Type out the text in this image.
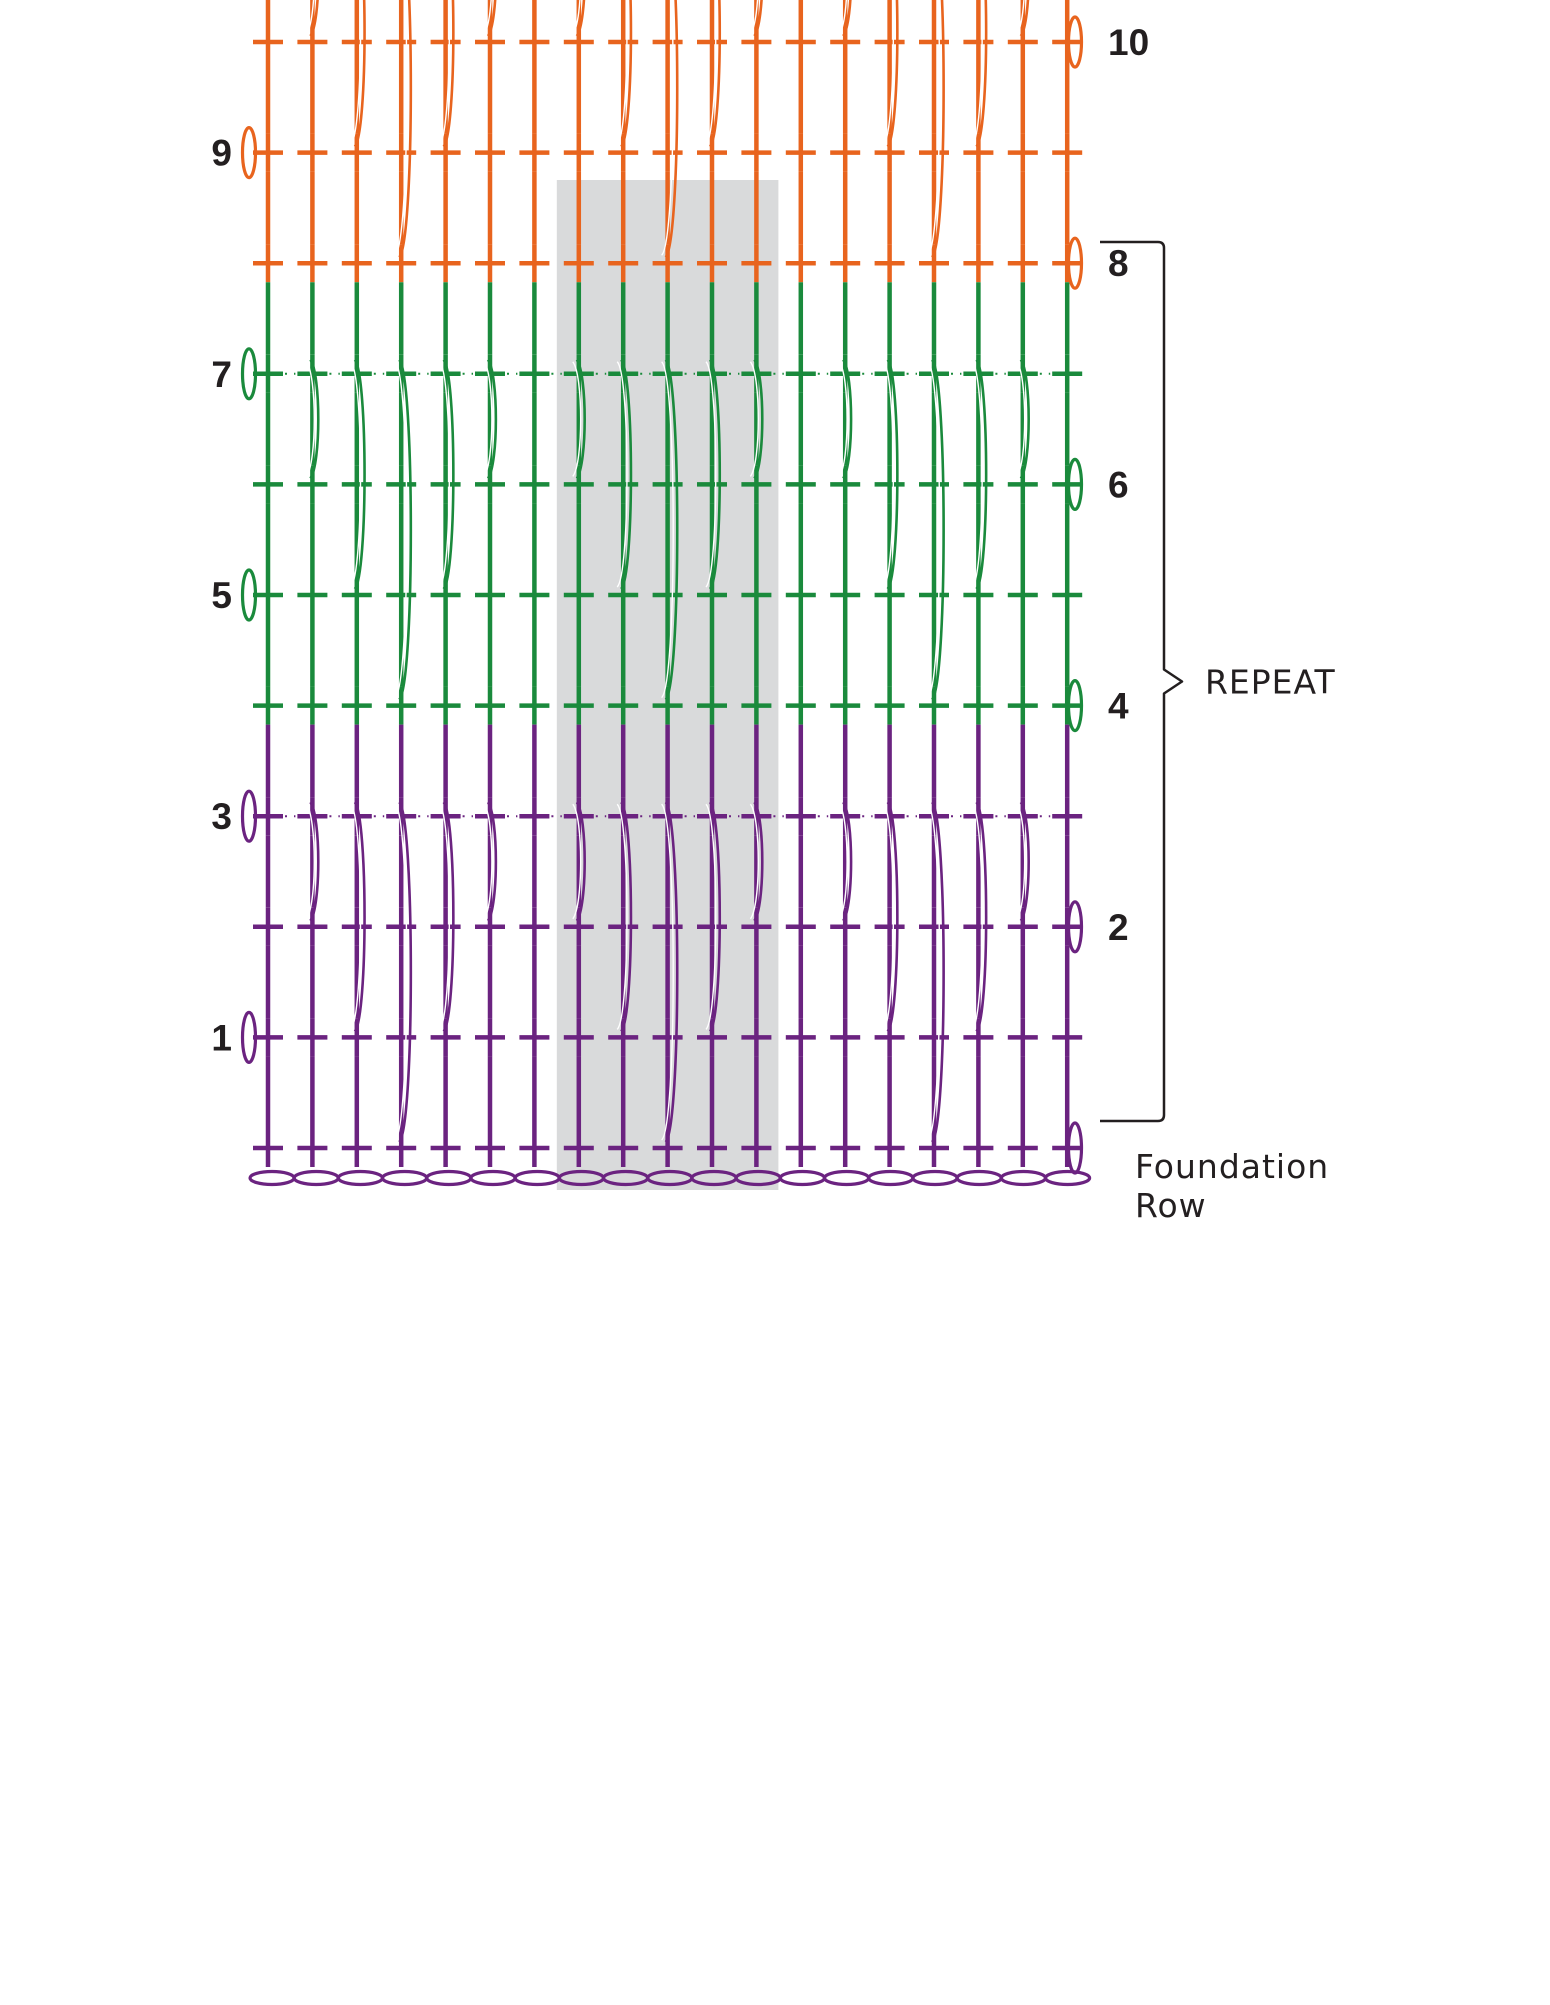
9
7
5
3
1
10
8
6
4
2
REPEAT
Foundation
Row
